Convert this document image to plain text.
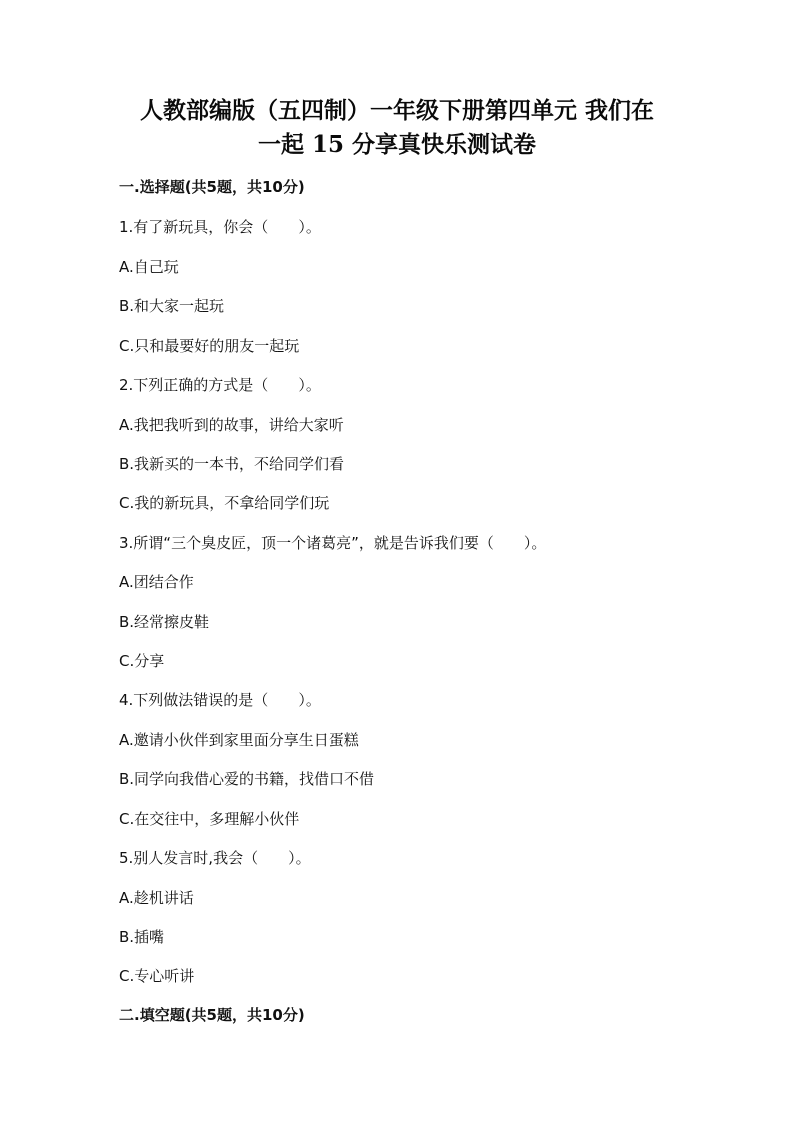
人教部编版（五四制）一年级下册第四单元 我们在
一起 15 分享真快乐测试卷
一.选择题(共5题，共10分)
1.有了新玩具，你会（　　）。
A.自己玩
B.和大家一起玩
C.只和最要好的朋友一起玩
2.下列正确的方式是（　　）。
A.我把我听到的故事，讲给大家听
B.我新买的一本书，不给同学们看
C.我的新玩具，不拿给同学们玩
3.所谓“三个臭皮匠，顶一个诸葛亮”，就是告诉我们要（　　）。
A.团结合作
B.经常擦皮鞋
C.分享
4.下列做法错误的是（　　）。
A.邀请小伙伴到家里面分享生日蛋糕
B.同学向我借心爱的书籍，找借口不借
C.在交往中，多理解小伙伴
5.别人发言时,我会（　　）。
A.趁机讲话
B.插嘴
C.专心听讲
二.填空题(共5题，共10分)
